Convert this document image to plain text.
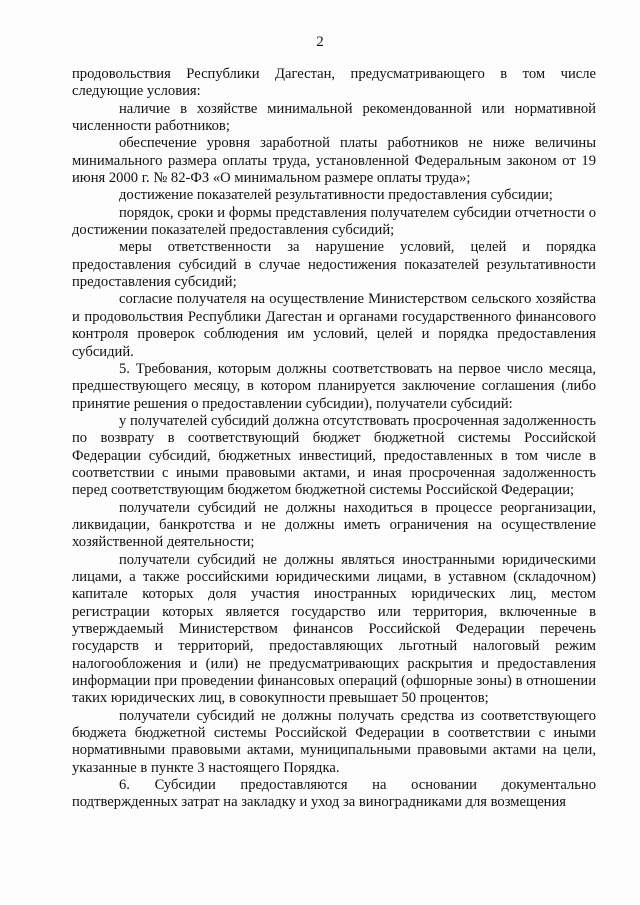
2

продовольствия Республики Дагестан, предусматривающего в том числе следующие условия:

наличие в хозяйстве минимальной рекомендованной или нормативной численности работников;

обеспечение уровня заработной платы работников не ниже величины минимального размера оплаты труда, установленной Федеральным законом от 19 июня 2000 г. № 82-ФЗ «О минимальном размере оплаты труда»;

достижение показателей результативности предоставления субсидии;

порядок, сроки и формы представления получателем субсидии отчетности о достижении показателей предоставления субсидий;

меры ответственности за нарушение условий, целей и порядка предоставления субсидий в случае недостижения показателей результативности предоставления субсидий;

согласие получателя на осуществление Министерством сельского хозяйства и продовольствия Республики Дагестан и органами государственного финансового контроля проверок соблюдения им условий, целей и порядка предоставления субсидий.

5. Требования, которым должны соответствовать на первое число месяца, предшествующего месяцу, в котором планируется заключение соглашения (либо принятие решения о предоставлении субсидии), получатели субсидий:

у получателей субсидий должна отсутствовать просроченная задолженность по возврату в соответствующий бюджет бюджетной системы Российской Федерации субсидий, бюджетных инвестиций, предоставленных в том числе в соответствии с иными правовыми актами, и иная просроченная задолженность перед соответствующим бюджетом бюджетной системы Российской Федерации;

получатели субсидий не должны находиться в процессе реорганизации, ликвидации, банкротства и не должны иметь ограничения на осуществление хозяйственной деятельности;

получатели субсидий не должны являться иностранными юридическими лицами, а также российскими юридическими лицами, в уставном (складочном) капитале которых доля участия иностранных юридических лиц, местом регистрации которых является государство или территория, включенные в утверждаемый Министерством финансов Российской Федерации перечень государств и территорий, предоставляющих льготный налоговый режим налогообложения и (или) не предусматривающих раскрытия и предоставления информации при проведении финансовых операций (офшорные зоны) в отношении таких юридических лиц, в совокупности превышает 50 процентов;

получатели субсидий не должны получать средства из соответствующего бюджета бюджетной системы Российской Федерации в соответствии с иными нормативными правовыми актами, муниципальными правовыми актами на цели, указанные в пункте 3 настоящего Порядка.

6. Субсидии предоставляются на основании документально подтвержденных затрат на закладку и уход за виноградниками для возмещения
